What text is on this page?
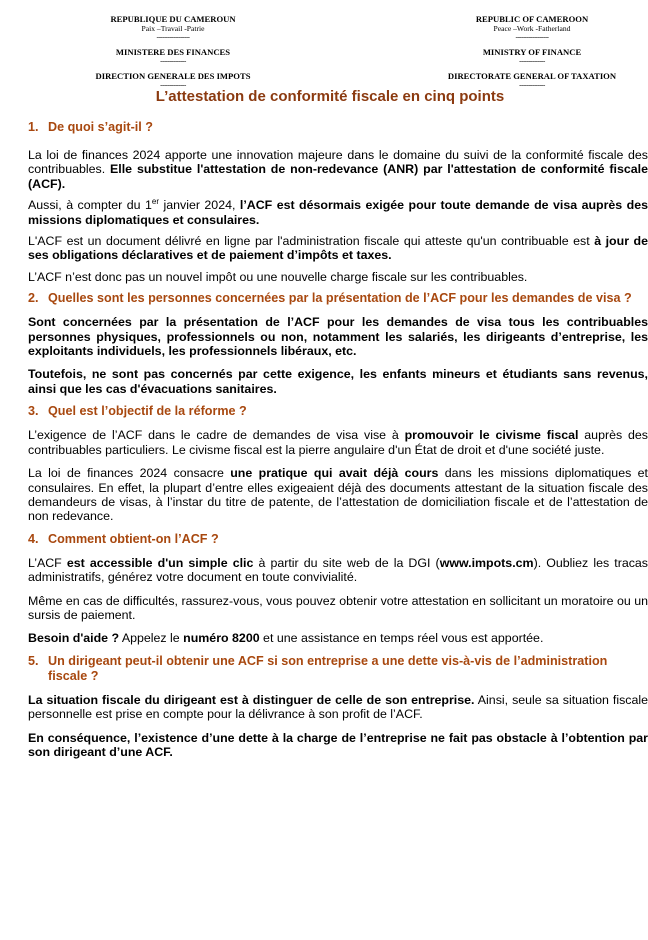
REPUBLIQUE DU CAMEROUN
Paix –Travail -Patrie
------------------
MINISTERE DES FINANCES
--------------
DIRECTION GENERALE DES IMPOTS
--------------
REPUBLIC OF CAMEROON
Peace –Work -Fatherland
------------------
MINISTRY OF FINANCE
--------------
DIRECTORATE GENERAL OF TAXATION
--------------
L’attestation de conformité fiscale en cinq points
1. De quoi s’agit-il ?

La loi de finances 2024 apporte une innovation majeure dans le domaine du suivi de la conformité fiscale des contribuables. Elle substitue l'attestation de non-redevance (ANR) par l'attestation de conformité fiscale (ACF).

Aussi, à compter du 1er janvier 2024, l’ACF est désormais exigée pour toute demande de visa auprès des missions diplomatiques et consulaires.

L'ACF est un document délivré en ligne par l'administration fiscale qui atteste qu'un contribuable est à jour de ses obligations déclaratives et de paiement d’impôts et taxes.

L’ACF n’est donc pas un nouvel impôt ou une nouvelle charge fiscale sur les contribuables.

2. Quelles sont les personnes concernées par la présentation de l’ACF pour les demandes de visa ?

Sont concernées par la présentation de l’ACF pour les demandes de visa tous les contribuables personnes physiques, professionnels ou non, notamment les salariés, les dirigeants d’entreprise, les exploitants individuels, les professionnels libéraux, etc.

Toutefois, ne sont pas concernés par cette exigence, les enfants mineurs et étudiants sans revenus, ainsi que les cas d'évacuations sanitaires.

3. Quel est l’objectif de la réforme ?

L’exigence de l’ACF dans le cadre de demandes de visa vise à promouvoir le civisme fiscal auprès des contribuables particuliers. Le civisme fiscal est la pierre angulaire d'un État de droit et d'une société juste.

La loi de finances 2024 consacre une pratique qui avait déjà cours dans les missions diplomatiques et consulaires. En effet, la plupart d’entre elles exigeaient déjà des documents attestant de la situation fiscale des demandeurs de visas, à l’instar du titre de patente, de l’attestation de domiciliation fiscale et de l’attestation de non redevance.

4. Comment obtient-on l’ACF ?

L’ACF est accessible d'un simple clic à partir du site web de la DGI (www.impots.cm). Oubliez les tracas administratifs, générez votre document en toute convivialité.

Même en cas de difficultés, rassurez-vous, vous pouvez obtenir votre attestation en sollicitant un moratoire ou un sursis de paiement.

Besoin d'aide ? Appelez le numéro 8200 et une assistance en temps réel vous est apportée.

5. Un dirigeant peut-il obtenir une ACF si son entreprise a une dette vis-à-vis de l’administration fiscale ?

La situation fiscale du dirigeant est à distinguer de celle de son entreprise. Ainsi, seule sa situation fiscale personnelle est prise en compte pour la délivrance à son profit de l’ACF.

En conséquence, l’existence d’une dette à la charge de l’entreprise ne fait pas obstacle à l’obtention par son dirigeant d’une ACF.
